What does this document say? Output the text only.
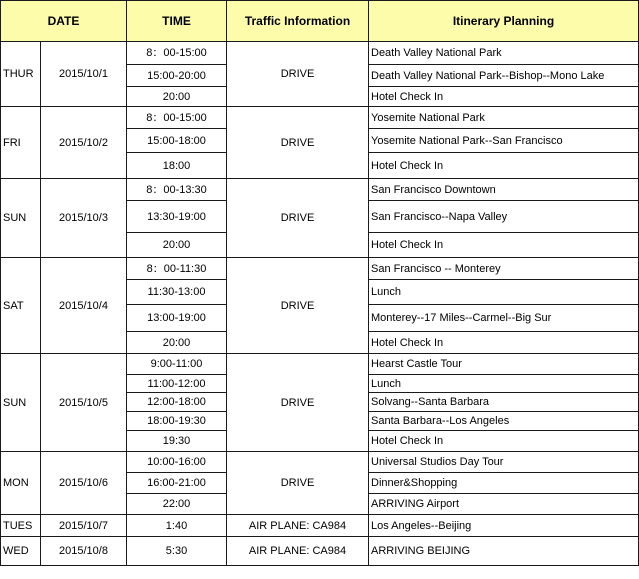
DATE		TIME	Traffic Information	Itinerary Planning
THUR	2015/10/1	8：00-15:00	DRIVE	Death Valley National Park
		15:00-20:00		Death Valley National Park--Bishop--Mono Lake
		20:00		Hotel Check In
FRI	2015/10/2	8：00-15:00	DRIVE	Yosemite National Park
		15:00-18:00		Yosemite National Park--San Francisco
		18:00		Hotel Check In
SUN	2015/10/3	8：00-13:30	DRIVE	San Francisco Downtown
		13:30-19:00		San Francisco--Napa Valley
		20:00		Hotel Check In
SAT	2015/10/4	8：00-11:30	DRIVE	San Francisco -- Monterey
		11:30-13:00		Lunch
		13:00-19:00		Monterey--17 Miles--Carmel--Big Sur
		20:00		Hotel Check In
SUN	2015/10/5	9:00-11:00	DRIVE	Hearst Castle Tour
		11:00-12:00		Lunch
		12:00-18:00		Solvang--Santa Barbara
		18:00-19:30		Santa Barbara--Los Angeles
		19:30		Hotel Check In
MON	2015/10/6	10:00-16:00	DRIVE	Universal Studios Day Tour
		16:00-21:00		Dinner&Shopping
		22:00		ARRIVING Airport
TUES	2015/10/7	1:40	AIR PLANE: CA984	Los Angeles--Beijing
WED	2015/10/8	5:30	AIR PLANE: CA984	ARRIVING BEIJING
